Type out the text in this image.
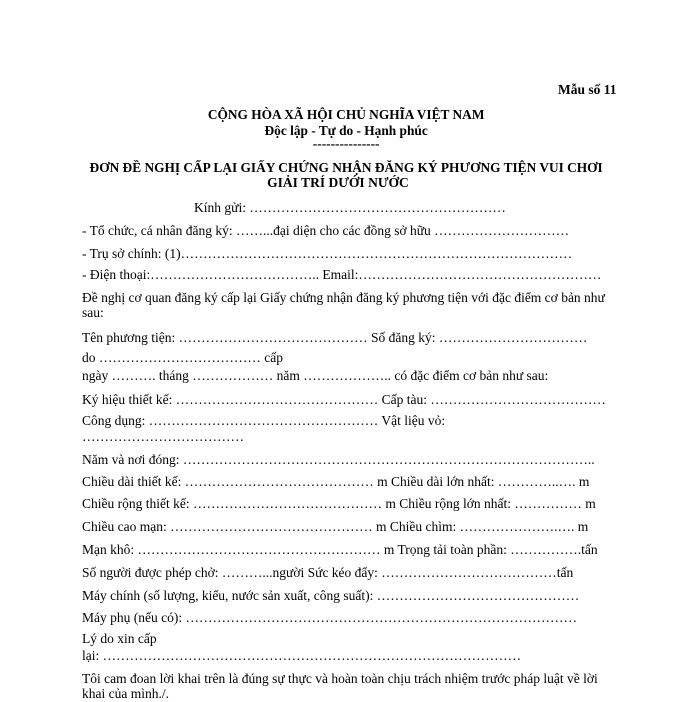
Mẫu số 11
CỘNG HÒA XÃ HỘI CHỦ NGHĨA VIỆT NAM
Độc lập - Tự do - Hạnh phúc
---------------
ĐƠN ĐỀ NGHỊ CẤP LẠI GIẤY CHỨNG NHẬN ĐĂNG KÝ PHƯƠNG TIỆN VUI CHƠI
GIẢI TRÍ DƯỚI NƯỚC
Kính gửi: …………………………………………………
- Tổ chức, cá nhân đăng ký: ……...đại diện cho các đồng sở hữu …………………………
- Trụ sở chính: (1)……………………………………………………………………………
- Điện thoại:……………………………….. Email:………………………………………………
Đề nghị cơ quan đăng ký cấp lại Giấy chứng nhận đăng ký phương tiện với đặc điểm cơ bản như
sau:
Tên phương tiện: …………………………………… Số đăng ký: ……………………………
do ……………………………… cấp
ngày ………. tháng ……………… năm ……………….. có đặc điểm cơ bản như sau:
Ký hiệu thiết kế: ……………………………………… Cấp tàu: …………………………………
Công dụng: …………………………………………… Vật liệu vỏ:
………………………………
Năm và nơi đóng: ………………………………………………………………………………..
Chiều dài thiết kế: …………………………………… m Chiều dài lớn nhất: …………..…. m
Chiều rộng thiết kế: …………………………………… m Chiều rộng lớn nhất: …………… m
Chiều cao mạn: ……………………………………… m Chiều chìm: ………………….…. m
Mạn khô: ……………………………………………… m Trọng tải toàn phần: …………….tấn
Số người được phép chở: ………...người Sức kéo đẩy: …………………………………tấn
Máy chính (số lượng, kiểu, nước sản xuất, công suất): ………………………………………
Máy phụ (nếu có): ……………………………………………………………………………
Lý do xin cấp
lại: …………………………………………………………………………………
Tôi cam đoan lời khai trên là đúng sự thực và hoàn toàn chịu trách nhiệm trước pháp luật về lời
khai của mình./.
